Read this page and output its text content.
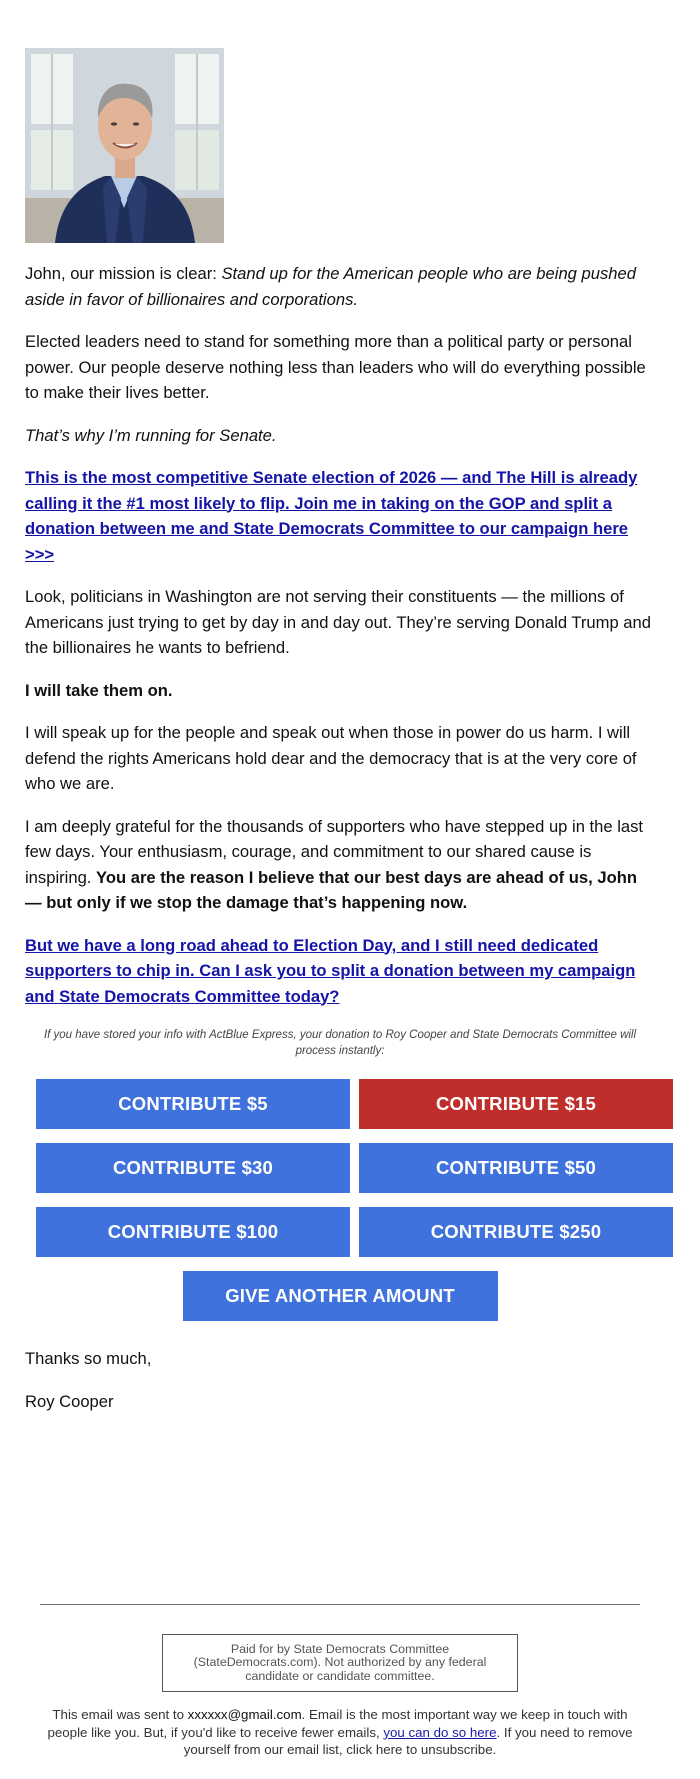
John, our mission is clear: Stand up for the American people who are being pushed aside in favor of billionaires and corporations.

Elected leaders need to stand for something more than a political party or personal power. Our people deserve nothing less than leaders who will do everything possible to make their lives better.

That’s why I’m running for Senate.

This is the most competitive Senate election of 2026 — and The Hill is already calling it the #1 most likely to flip. Join me in taking on the GOP and split a donation between me and State Democrats Committee to our campaign here >>>

Look, politicians in Washington are not serving their constituents — the millions of Americans just trying to get by day in and day out. They’re serving Donald Trump and the billionaires he wants to befriend.

I will take them on.

I will speak up for the people and speak out when those in power do us harm. I will defend the rights Americans hold dear and the democracy that is at the very core of who we are.

I am deeply grateful for the thousands of supporters who have stepped up in the last few days. Your enthusiasm, courage, and commitment to our shared cause is inspiring. You are the reason I believe that our best days are ahead of us, John — but only if we stop the damage that’s happening now.

But we have a long road ahead to Election Day, and I still need dedicated supporters to chip in. Can I ask you to split a donation between my campaign and State Democrats Committee today?

If you have stored your info with ActBlue Express, your donation to Roy Cooper and State Democrats Committee will process instantly:
CONTRIBUTE $5	CONTRIBUTE $15
CONTRIBUTE $30	CONTRIBUTE $50
CONTRIBUTE $100	CONTRIBUTE $250
GIVE ANOTHER AMOUNT

Thanks so much,

Roy Cooper

Paid for by State Democrats Committee (StateDemocrats.com). Not authorized by any federal candidate or candidate committee.
This email was sent to xxxxxx@gmail.com. Email is the most important way we keep in touch with people like you. But, if you'd like to receive fewer emails, you can do so here. If you need to remove yourself from our email list, click here to unsubscribe.
